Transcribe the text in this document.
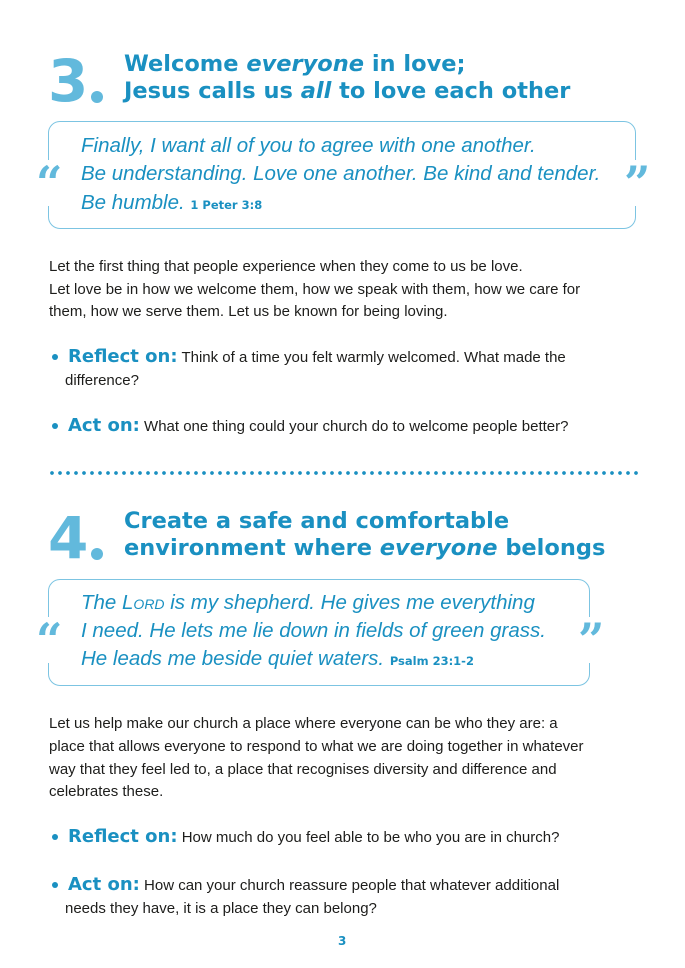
3 Welcome everyone in love;
Jesus calls us all to love each other
“	”
Finally, I want all of you to agree with one another.
Be understanding. Love one another. Be kind and tender.
Be humble. 1 Peter 3:8
Let the first thing that people experience when they come to us be love.
Let love be in how we welcome them, how we speak with them, how we care for
them, how we serve them. Let us be known for being loving.
Reflect on: Think of a time you felt warmly welcomed. What made the
difference?
Act on: What one thing could your church do to welcome people better?
4 Create a safe and comfortable
environment where everyone belongs
“	”
The Lord is my shepherd. He gives me everything
I need. He lets me lie down in fields of green grass.
He leads me beside quiet waters. Psalm 23:1-2
Let us help make our church a place where everyone can be who they are: a
place that allows everyone to respond to what we are doing together in whatever
way that they feel led to, a place that recognises diversity and difference and
celebrates these.
Reflect on: How much do you feel able to be who you are in church?
Act on: How can your church reassure people that whatever additional
needs they have, it is a place they can belong?
3
